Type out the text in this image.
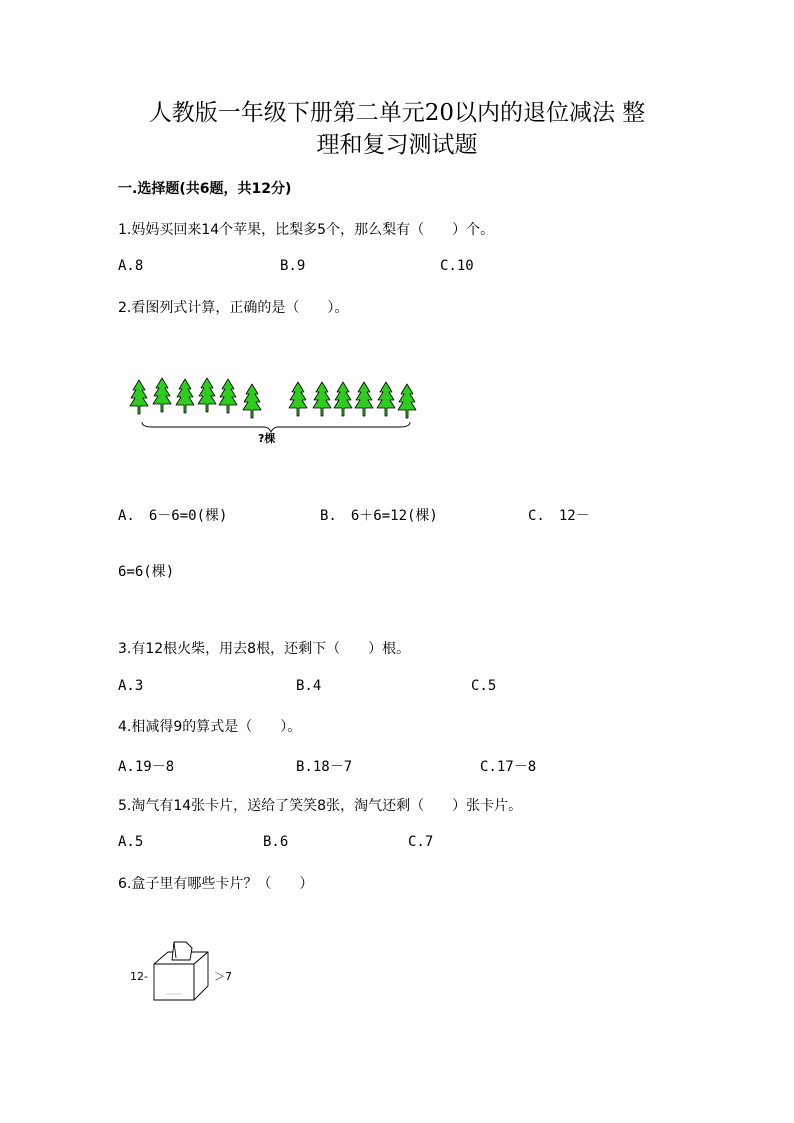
人教版一年级下册第二单元20以内的退位减法 整
理和复习测试题
一.选择题(共6题，共12分)
1.妈妈买回来14个苹果，比梨多5个，那么梨有（　　）个。
A.8	B.9	C.10
2.看图列式计算，正确的是（　　）。
?棵
A.　6－6=0(棵)	B.　6＋6=12(棵)	C.　12－
6=6(棵)
3.有12根火柴，用去8根，还剩下（　　）根。
A.3	B.4	C.5
4.相减得9的算式是（　　）。
A.19－8	B.18－7	C.17－8
5.淘气有14张卡片，送给了笑笑8张，淘气还剩（　　）张卡片。
A.5	B.6	C.7
6.盒子里有哪些卡片？（　　）
12-	＞7
